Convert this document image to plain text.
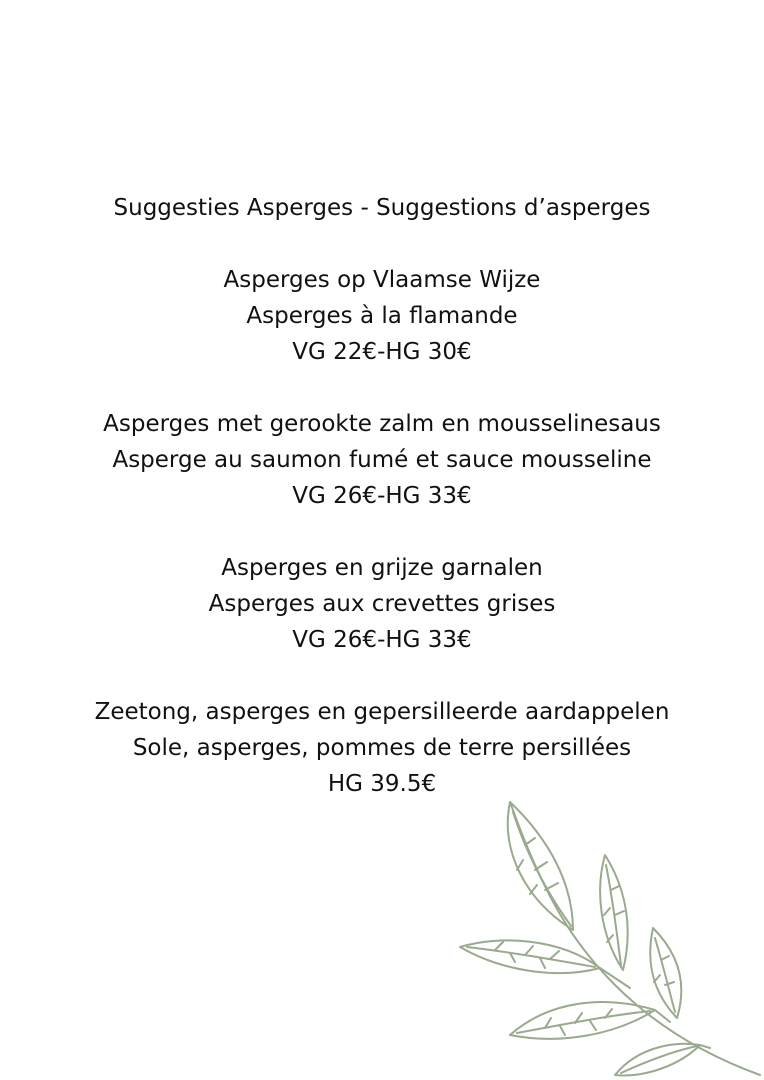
Suggesties Asperges - Suggestions d’asperges
Asperges op Vlaamse Wijze
Asperges à la flamande
VG 22€-HG 30€
Asperges met gerookte zalm en mousselinesaus
Asperge au saumon fumé et sauce mousseline
VG 26€-HG 33€
Asperges en grijze garnalen
Asperges aux crevettes grises
VG 26€-HG 33€
Zeetong, asperges en gepersilleerde aardappelen
Sole, asperges, pommes de terre persillées
HG 39.5€
